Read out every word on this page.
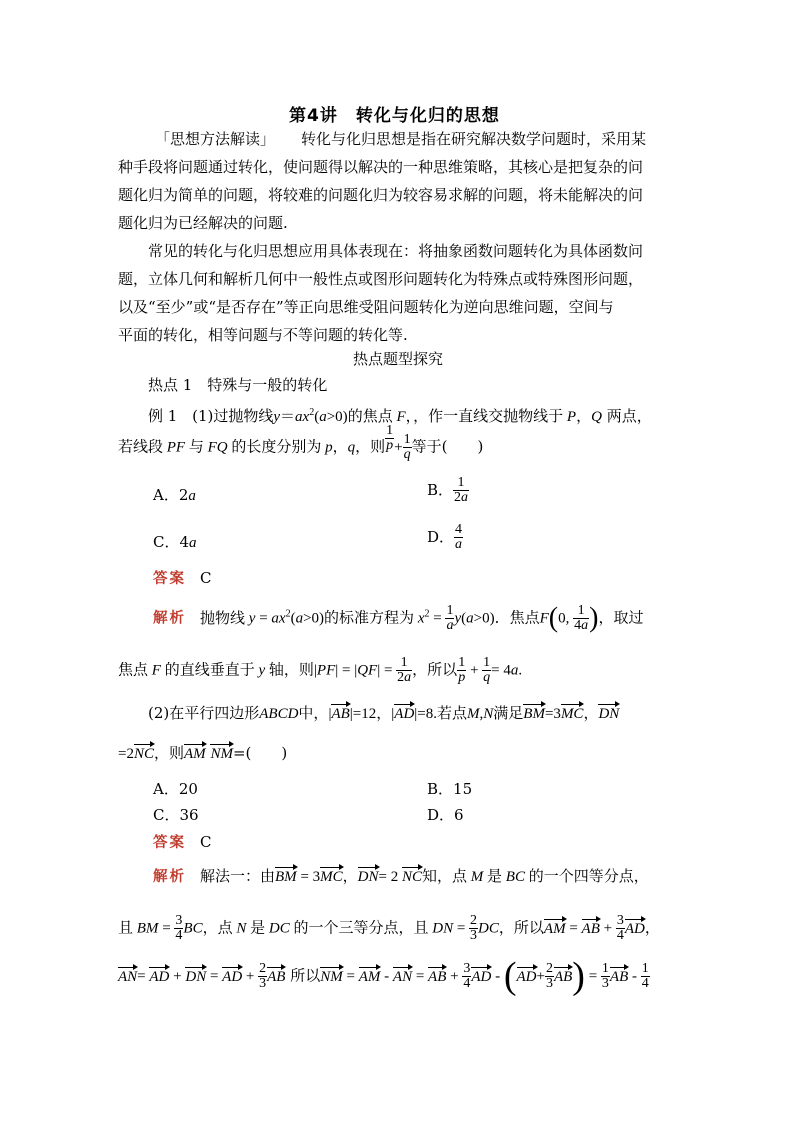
第4讲　转化与化归的思想
「思想方法解读」 转化与化归思想是指在研究解决数学问题时，采用某
种手段将问题通过转化，使问题得以解决的一种思维策略，其核心是把复杂的问
题化归为简单的问题，将较难的问题化归为较容易求解的问题，将未能解决的问
题化归为已经解决的问题.
常见的转化与化归思想应用具体表现在：将抽象函数问题转化为具体函数问
题，立体几何和解析几何中一般性点或图形问题转化为特殊点或特殊图形问题，
以及“至少”或“是否存在”等正向思维受阻问题转化为逆向思维问题，空间与
平面的转化，相等问题与不等问题的转化等.
热点题型探究
热点 1　特殊与一般的转化
例 1 (1)过抛物线$y=ax^2(a>0)$的焦点 F，，作一直线交抛物线于 P，Q 两点，
若线段 PF 与 FQ 的长度分别为 p，q，则 $\frac{1}{p} + \frac{1}{q}$ 等于(　　)
A．2a	B． $\frac{1}{2a}$
C．4a	D． $\frac{4}{a}$
答案 C
解析 抛物线 $y = ax^2(a>0)$的标准方程为 $x^2 = \frac{1}{a} y(a>0)$．焦点F(0, $\frac{1}{4a}$ )，取过
焦点 F 的直线垂直于 y 轴，则$|PF| = |QF| = \frac{1}{2a}$ ，所以 $\frac{1}{p} + \frac{1}{q} = 4a$.
(2)在平行四边形ABCD中，|AB|=12，|AD|=8.若点M,N满足BM=3MC，DN
=2NC，则AM NM=(　　)
A．20	B．15
C．36	D．6
答案 C
解析 解法一：由BM = 3MC，DN= 2 NC知，点 M 是 BC 的一个四等分点，
且 BM = $\frac{3}{4}$ BC，点 N 是 DC 的一个三等分点，且 DN = $\frac{2}{3}$ DC，所以AM = AB + $\frac{3}{4}$ AD，
AN= AD + DN = AD + $\frac{2}{3}$ AB 所以NM = AM - AN = AB + $\frac{3}{4}$ AD - $(AD+ \frac{2}{3} AB) = \frac{1}{3}$ AB - $\frac{1}{4}$
